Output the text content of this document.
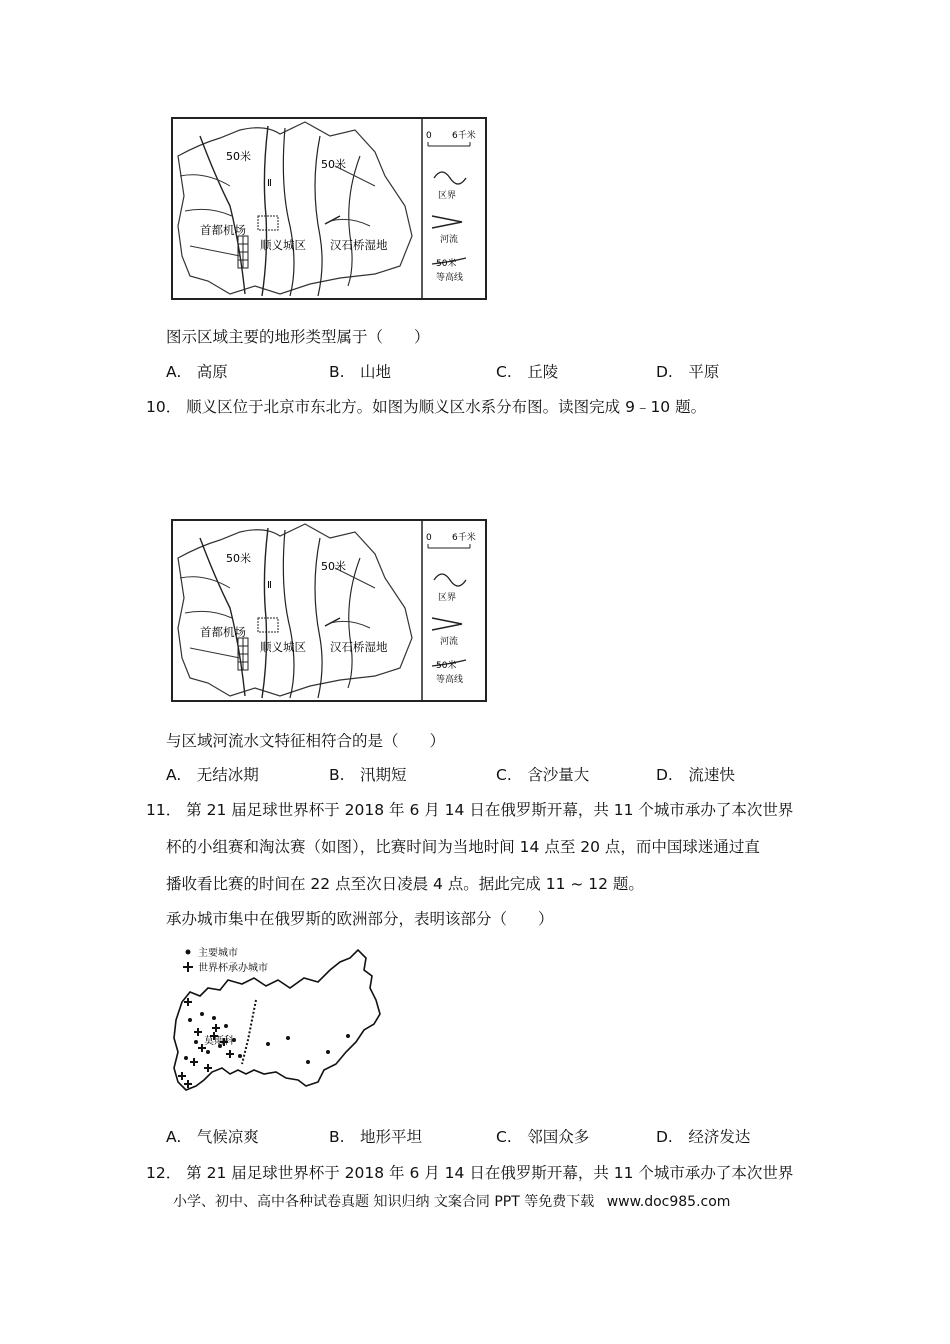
50米
50米
Ⅱ
首都机场
顺义城区 汉石桥湿地
0 6千米
区界
河流
50米
等高线
图示区域主要的地形类型属于（　　）
A.　高原	B.　山地	C.　丘陵	D.　平原
10． 顺义区位于北京市东北方。如图为顺义区水系分布图。读图完成 9﹣10 题。
50米
50米
Ⅱ
首都机场
顺义城区 汉石桥湿地
0 6千米
区界
河流
50米
等高线
与区域河流水文特征相符合的是（　　）
A.　无结冰期	B.　汛期短	C.　含沙量大	D.　流速快
11． 第 21 届足球世界杯于 2018 年 6 月 14 日在俄罗斯开幕，共 11 个城市承办了本次世界
杯的小组赛和淘汰赛（如图），比赛时间为当地时间 14 点至 20 点，而中国球迷通过直
播收看比赛的时间在 22 点至次日凌晨 4 点。据此完成 11 ~ 12 题。
承办城市集中在俄罗斯的欧洲部分，表明该部分（　　）
主要城市
世界杯承办城市
莫斯科
A.　气候凉爽	B.　地形平坦	C.　邻国众多	D.　经济发达
12． 第 21 届足球世界杯于 2018 年 6 月 14 日在俄罗斯开幕，共 11 个城市承办了本次世界
小学、初中、高中各种试卷真题 知识归纳 文案合同 PPT 等免费下载 www.doc985.com
